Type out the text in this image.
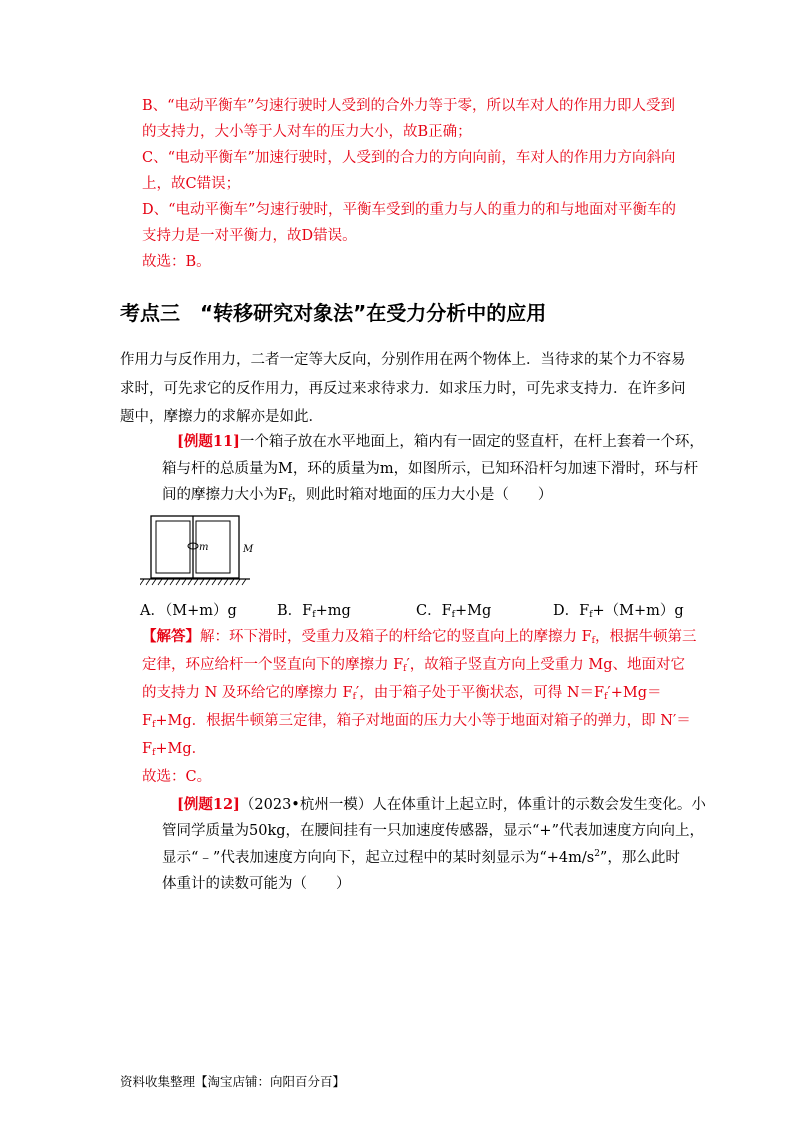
B、“电动平衡车”匀速行驶时人受到的合外力等于零，所以车对人的作用力即人受到
的支持力，大小等于人对车的压力大小，故B正确；
C、“电动平衡车”加速行驶时，人受到的合力的方向向前，车对人的作用力方向斜向
上，故C错误；
D、“电动平衡车”匀速行驶时，平衡车受到的重力与人的重力的和与地面对平衡车的
支持力是一对平衡力，故D错误。
故选：B。
考点三　“转移研究对象法”在受力分析中的应用
作用力与反作用力，二者一定等大反向，分别作用在两个物体上．当待求的某个力不容易
求时，可先求它的反作用力，再反过来求待求力．如求压力时，可先求支持力．在许多问
题中，摩擦力的求解亦是如此．
[例题11]一个箱子放在水平地面上，箱内有一固定的竖直杆，在杆上套着一个环，
箱与杆的总质量为M，环的质量为m，如图所示，已知环沿杆匀加速下滑时，环与杆
间的摩擦力大小为$F_f$，则此时箱对地面的压力大小是（　　）
m	M
A．（M+m）g	B．$F_f+mg$	C．$F_f+Mg$	D．$F_f+(M+m)g$
【解答】解：环下滑时，受重力及箱子的杆给它的竖直向上的摩擦力 $F_f$，根据牛顿第三
定律，环应给杆一个竖直向下的摩擦力 $F_f'$，故箱子竖直方向上受重力 Mg、地面对它
的支持力 N 及环给它的摩擦力 $F_f'$，由于箱子处于平衡状态，可得 $N=F_f'+Mg=$
$F_f+Mg$．根据牛顿第三定律，箱子对地面的压力大小等于地面对箱子的弹力，即 N′＝
$F_f+Mg$．
故选：C。
[例题12]（2023•杭州一模）人在体重计上起立时，体重计的示数会发生变化。小
管同学质量为50kg，在腰间挂有一只加速度传感器，显示“+”代表加速度方向向上，
显示“﹣”代表加速度方向向下，起立过程中的某时刻显示为“$+4m/s^2$”，那么此时
体重计的读数可能为（　　）
资料收集整理【淘宝店铺：向阳百分百】
